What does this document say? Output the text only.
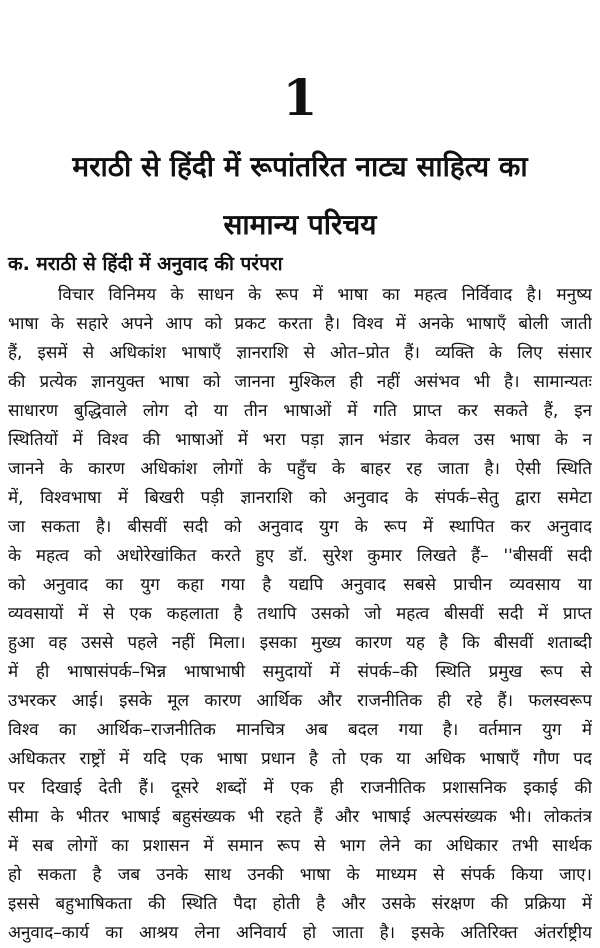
1
मराठी से हिंदी में रूपांतरित नाट्य साहित्य का
सामान्य परिचय
क. मराठी से हिंदी में अनुवाद की परंपरा
विचार विनिमय के साधन के रूप में भाषा का महत्व निर्विवाद है। मनुष्य
भाषा के सहारे अपने आप को प्रकट करता है। विश्व में अनके भाषाएँ बोली जाती
हैं, इसमें से अधिकांश भाषाएँ ज्ञानराशि से ओत–प्रोत हैं। व्यक्ति के लिए संसार
की प्रत्येक ज्ञानयुक्त भाषा को जानना मुश्किल ही नहीं असंभव भी है। सामान्यतः
साधारण बुद्धिवाले लोग दो या तीन भाषाओं में गति प्राप्त कर सकते हैं, इन
स्थितियों में विश्व की भाषाओं में भरा पड़ा ज्ञान भंडार केवल उस भाषा के न
जानने के कारण अधिकांश लोगों के पहुँच के बाहर रह जाता है। ऐसी स्थिति
में, विश्वभाषा में बिखरी पड़ी ज्ञानराशि को अनुवाद के संपर्क–सेतु द्वारा समेटा
जा सकता है। बीसवीं सदी को अनुवाद युग के रूप में स्थापित कर अनुवाद
के महत्व को अधोरेखांकित करते हुए डॉ. सुरेश कुमार लिखते हैं– ''बीसवीं सदी
को अनुवाद का युग कहा गया है यद्यपि अनुवाद सबसे प्राचीन व्यवसाय या
व्यवसायों में से एक कहलाता है तथापि उसको जो महत्व बीसवीं सदी में प्राप्त
हुआ वह उससे पहले नहीं मिला। इसका मुख्य कारण यह है कि बीसवीं शताब्दी
में ही भाषासंपर्क–भिन्न भाषाभाषी समुदायों में संपर्क–की स्थिति प्रमुख रूप से
उभरकर आई। इसके मूल कारण आर्थिक और राजनीतिक ही रहे हैं। फलस्वरूप
विश्व का आर्थिक–राजनीतिक मानचित्र अब बदल गया है। वर्तमान युग में
अधिकतर राष्ट्रों में यदि एक भाषा प्रधान है तो एक या अधिक भाषाएँ गौण पद
पर दिखाई देती हैं। दूसरे शब्दों में एक ही राजनीतिक प्रशासनिक इकाई की
सीमा के भीतर भाषाई बहुसंख्यक भी रहते हैं और भाषाई अल्पसंख्यक भी। लोकतंत्र
में सब लोगों का प्रशासन में समान रूप से भाग लेने का अधिकार तभी सार्थक
हो सकता है जब उनके साथ उनकी भाषा के माध्यम से संपर्क किया जाए।
इससे बहुभाषिकता की स्थिति पैदा होती है और उसके संरक्षण की प्रक्रिया में
अनुवाद–कार्य का आश्रय लेना अनिवार्य हो जाता है। इसके अतिरिक्त अंतर्राष्ट्रीय
